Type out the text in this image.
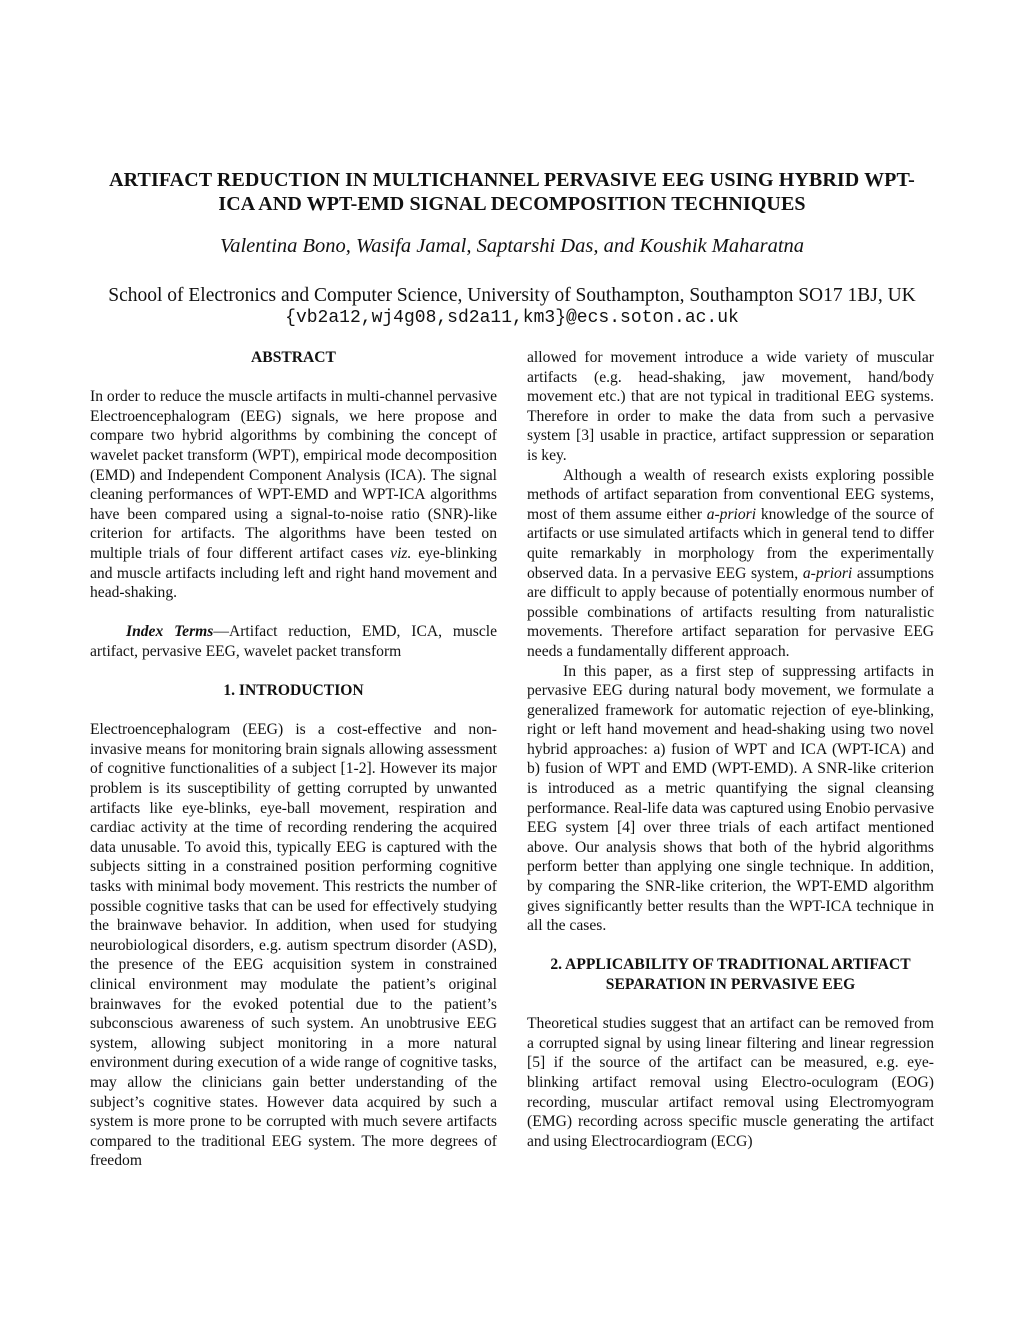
ARTIFACT REDUCTION IN MULTICHANNEL PERVASIVE EEG USING HYBRID WPT-
ICA AND WPT-EMD SIGNAL DECOMPOSITION TECHNIQUES
Valentina Bono, Wasifa Jamal, Saptarshi Das, and Koushik Maharatna
School of Electronics and Computer Science, University of Southampton, Southampton SO17 1BJ, UK
{vb2a12,wj4g08,sd2a11,km3}@ecs.soton.ac.uk

ABSTRACT

In order to reduce the muscle artifacts in multi-channel pervasive Electroencephalogram (EEG) signals, we here propose and compare two hybrid algorithms by combining the concept of wavelet packet transform (WPT), empirical mode decomposition (EMD) and Independent Component Analysis (ICA). The signal cleaning performances of WPT-EMD and WPT-ICA algorithms have been compared using a signal-to-noise ratio (SNR)-like criterion for artifacts. The algorithms have been tested on multiple trials of four different artifact cases viz. eye-blinking and muscle artifacts including left and right hand movement and head-shaking.

Index Terms—Artifact reduction, EMD, ICA, muscle artifact, pervasive EEG, wavelet packet transform

1. INTRODUCTION

Electroencephalogram (EEG) is a cost-effective and non-invasive means for monitoring brain signals allowing assessment of cognitive functionalities of a subject [1-2]. However its major problem is its susceptibility of getting corrupted by unwanted artifacts like eye-blinks, eye-ball movement, respiration and cardiac activity at the time of recording rendering the acquired data unusable. To avoid this, typically EEG is captured with the subjects sitting in a constrained position performing cognitive tasks with minimal body movement. This restricts the number of possible cognitive tasks that can be used for effectively studying the brainwave behavior. In addition, when used for studying neurobiological disorders, e.g. autism spectrum disorder (ASD), the presence of the EEG acquisition system in constrained clinical environment may modulate the patient’s original brainwaves for the evoked potential due to the patient’s subconscious awareness of such system. An unobtrusive EEG system, allowing subject monitoring in a more natural environment during execution of a wide range of cognitive tasks, may allow the clinicians gain better understanding of the subject’s cognitive states. However data acquired by such a system is more prone to be corrupted with much severe artifacts compared to the traditional EEG system. The more degrees of freedom

allowed for movement introduce a wide variety of muscular artifacts (e.g. head-shaking, jaw movement, hand/body movement etc.) that are not typical in traditional EEG systems. Therefore in order to make the data from such a pervasive system [3] usable in practice, artifact suppression or separation is key.

Although a wealth of research exists exploring possible methods of artifact separation from conventional EEG systems, most of them assume either a-priori knowledge of the source of artifacts or use simulated artifacts which in general tend to differ quite remarkably in morphology from the experimentally observed data. In a pervasive EEG system, a-priori assumptions are difficult to apply because of potentially enormous number of possible combinations of artifacts resulting from naturalistic movements. Therefore artifact separation for pervasive EEG needs a fundamentally different approach.

In this paper, as a first step of suppressing artifacts in pervasive EEG during natural body movement, we formulate a generalized framework for automatic rejection of eye-blinking, right or left hand movement and head-shaking using two novel hybrid approaches: a) fusion of WPT and ICA (WPT-ICA) and b) fusion of WPT and EMD (WPT-EMD). A SNR-like criterion is introduced as a metric quantifying the signal cleansing performance. Real-life data was captured using Enobio pervasive EEG system [4] over three trials of each artifact mentioned above. Our analysis shows that both of the hybrid algorithms perform better than applying one single technique. In addition, by comparing the SNR-like criterion, the WPT-EMD algorithm gives significantly better results than the WPT-ICA technique in all the cases.

2. APPLICABILITY OF TRADITIONAL ARTIFACT
SEPARATION IN PERVASIVE EEG

Theoretical studies suggest that an artifact can be removed from a corrupted signal by using linear filtering and linear regression [5] if the source of the artifact can be measured, e.g. eye-blinking artifact removal using Electro-oculogram (EOG) recording, muscular artifact removal using Electromyogram (EMG) recording across specific muscle generating the artifact and using Electrocardiogram (ECG)
